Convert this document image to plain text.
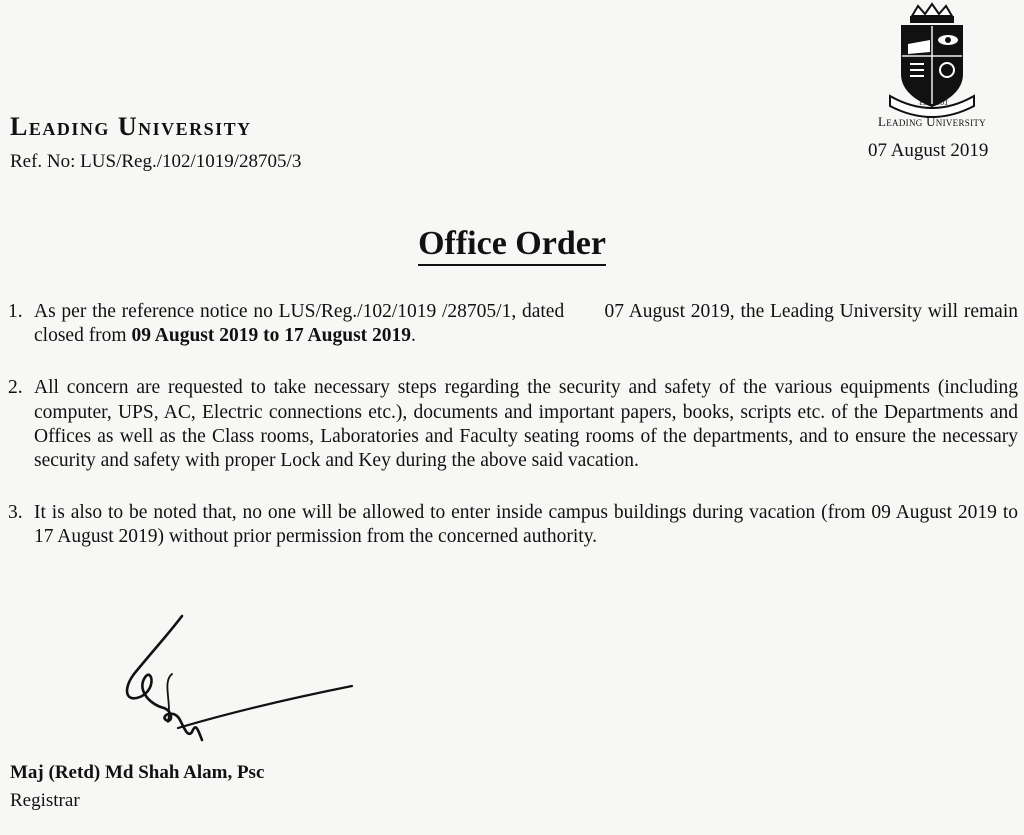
Leading University
Ref. No: LUS/Reg./102/1019/28705/3
est. 2001
Leading University
07 August 2019
Office Order
1. As per the reference notice no LUS/Reg./102/1019 /28705/1, dated       07 August 2019, the Leading University will remain closed from 09 August 2019 to 17 August 2019.
2. All concern are requested to take necessary steps regarding the security and safety of the various equipments (including computer, UPS, AC, Electric connections etc.), documents and important papers, books, scripts etc. of the Departments and Offices as well as the Class rooms, Laboratories and Faculty seating rooms of the departments, and to ensure the necessary security and safety with proper Lock and Key during the above said vacation.
3. It is also to be noted that, no one will be allowed to enter inside campus buildings during vacation (from 09 August 2019 to 17 August 2019) without prior permission from the concerned authority.
Maj (Retd) Md Shah Alam, Psc
Registrar
